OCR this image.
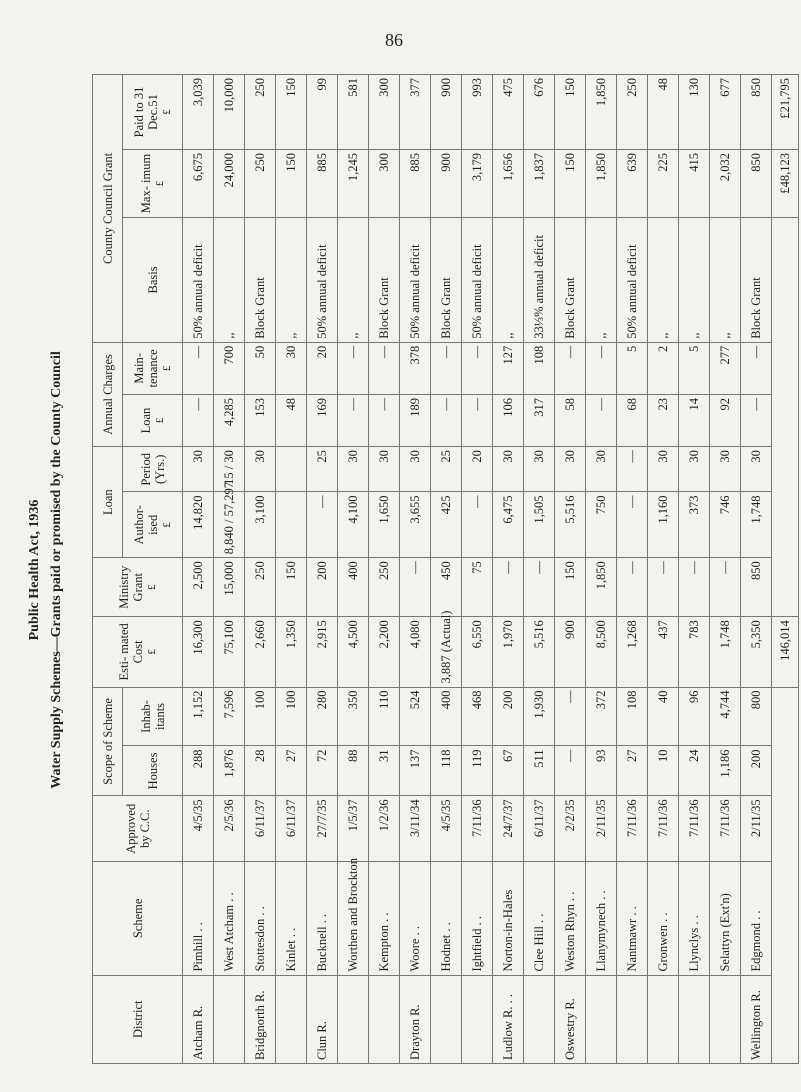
86
Public Health Act, 1936 Water Supply Schemes—Grants paid or promised by the County Council
District	Scheme	Approved by C.C.	Scope of Scheme		Esti- mated Cost £	Ministry Grant £	Loan		Annual Charges		County Council Grant		
			Houses	Inhab- itants			Author- ised £	Period (Yrs.)	Loan £	Main- tenance £	Basis	Max- imum £	Paid to 31 Dec.51 £

Atcham R.	Pimhill . .	4/5/35	288	1,152	16,300	2,500	14,820	30	—	—	50% annual deficit	6,675	3,039
	West Atcham . .	2/5/36	1,876	7,596	75,100	15,000	8,840 / 57,297	15 / 30	4,285	700	,,	24,000	10,000
Bridgnorth R.	Stottesdon . .	6/11/37	28	100	2,660	250	3,100	30	153	50	Block Grant	250	250
	Kinlet . .	6/11/37	27	100	1,350	150			48	30	,,	150	150
Clun R.	Bucknell . .	27/7/35	72	280	2,915	200	—	25	169	20	50% annual deficit	885	99
	Worthen and Brockton	1/5/37	88	350	4,500	400	4,100	30	—	—	,,	1,245	581
	Kempton . .	1/2/36	31	110	2,200	250	1,650	30	—	—	Block Grant	300	300
Drayton R.	Woore . .	3/11/34	137	524	4,080	—	3,655	30	189	378	50% annual deficit	885	377
	Hodnet . .	4/5/35	118	400	3,887 (Actual)	450	425	25	—	—	Block Grant	900	900
	Ightfield . .	7/11/36	119	468	6,550	75	—	20	—	—	50% annual deficit	3,179	993
Ludlow R. . .	Norton-in-Hales	24/7/37	67	200	1,970	—	6,475	30	106	127	,,	1,656	475
	Clee Hill . .	6/11/37	511	1,930	5,516	—	1,505	30	317	108	33⅓% annual deficit	1,837	676
Oswestry R.	Weston Rhyn . .	2/2/35	—	—	900	150	5,516	30	58	—	Block Grant	150	150
	Llanymynech . .	2/11/35	93	372	8,500	1,850	750	30	—	—	,,	1,850	1,850
	Nantmawr . .	7/11/36	27	108	1,268	—	—	—	68	5	50% annual deficit	639	250
	Gronwen . .	7/11/36	10	40	437	—	1,160	30	23	2	,,	225	48
	Llynclys . .	7/11/36	24	96	783	—	373	30	14	5	,,	415	130
	Selattyn (Ext'n)	7/11/36	1,186	4,744	1,748	—	746	30	92	277	,,	2,032	677
Wellington R.	Edgmond . .	2/11/35	200	800	5,350	850	1,748	30	—	—	Block Grant	850	850
					146,014							£48,123	£21,795
